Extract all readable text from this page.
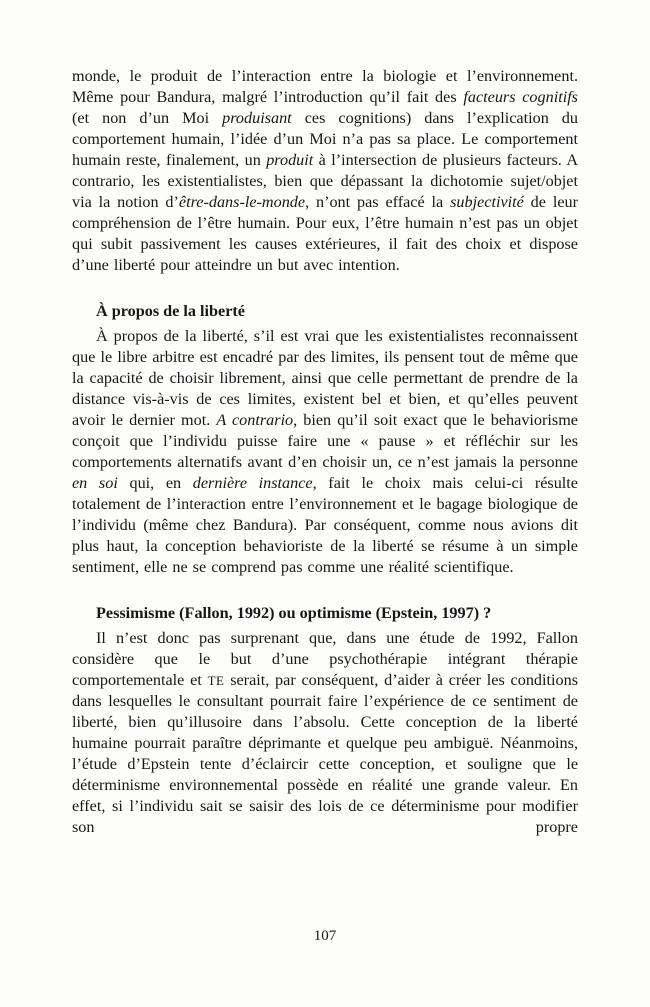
monde, le produit de l’interaction entre la biologie et l’environnement. Même pour Bandura, malgré l’introduction qu’il fait des facteurs cognitifs (et non d’un Moi produisant ces cognitions) dans l’explication du comportement humain, l’idée d’un Moi n’a pas sa place. Le comportement humain reste, finalement, un produit à l’intersection de plusieurs facteurs. A contrario, les existentialistes, bien que dépassant la dichotomie sujet/objet via la notion d’être-dans-le-monde, n’ont pas effacé la subjectivité de leur compréhension de l’être humain. Pour eux, l’être humain n’est pas un objet qui subit passivement les causes extérieures, il fait des choix et dispose d’une liberté pour atteindre un but avec intention.

À propos de la liberté

À propos de la liberté, s’il est vrai que les existentialistes reconnaissent que le libre arbitre est encadré par des limites, ils pensent tout de même que la capacité de choisir librement, ainsi que celle permettant de prendre de la distance vis-à-vis de ces limites, existent bel et bien, et qu’elles peuvent avoir le dernier mot. A contrario, bien qu’il soit exact que le behaviorisme conçoit que l’individu puisse faire une « pause » et réfléchir sur les comportements alternatifs avant d’en choisir un, ce n’est jamais la personne en soi qui, en dernière instance, fait le choix mais celui-ci résulte totalement de l’interaction entre l’environnement et le bagage biologique de l’individu (même chez Bandura). Par conséquent, comme nous avions dit plus haut, la conception behavioriste de la liberté se résume à un simple sentiment, elle ne se comprend pas comme une réalité scientifique.

Pessimisme (Fallon, 1992) ou optimisme (Epstein, 1997) ?

Il n’est donc pas surprenant que, dans une étude de 1992, Fallon considère que le but d’une psychothérapie intégrant thérapie comportementale et TE serait, par conséquent, d’aider à créer les conditions dans lesquelles le consultant pourrait faire l’expérience de ce sentiment de liberté, bien qu’illusoire dans l’absolu. Cette conception de la liberté humaine pourrait paraître déprimante et quelque peu ambiguë. Néanmoins, l’étude d’Epstein tente d’éclaircir cette conception, et souligne que le déterminisme environnemental possède en réalité une grande valeur. En effet, si l’individu sait se saisir des lois de ce déterminisme pour modifier son propre

107
